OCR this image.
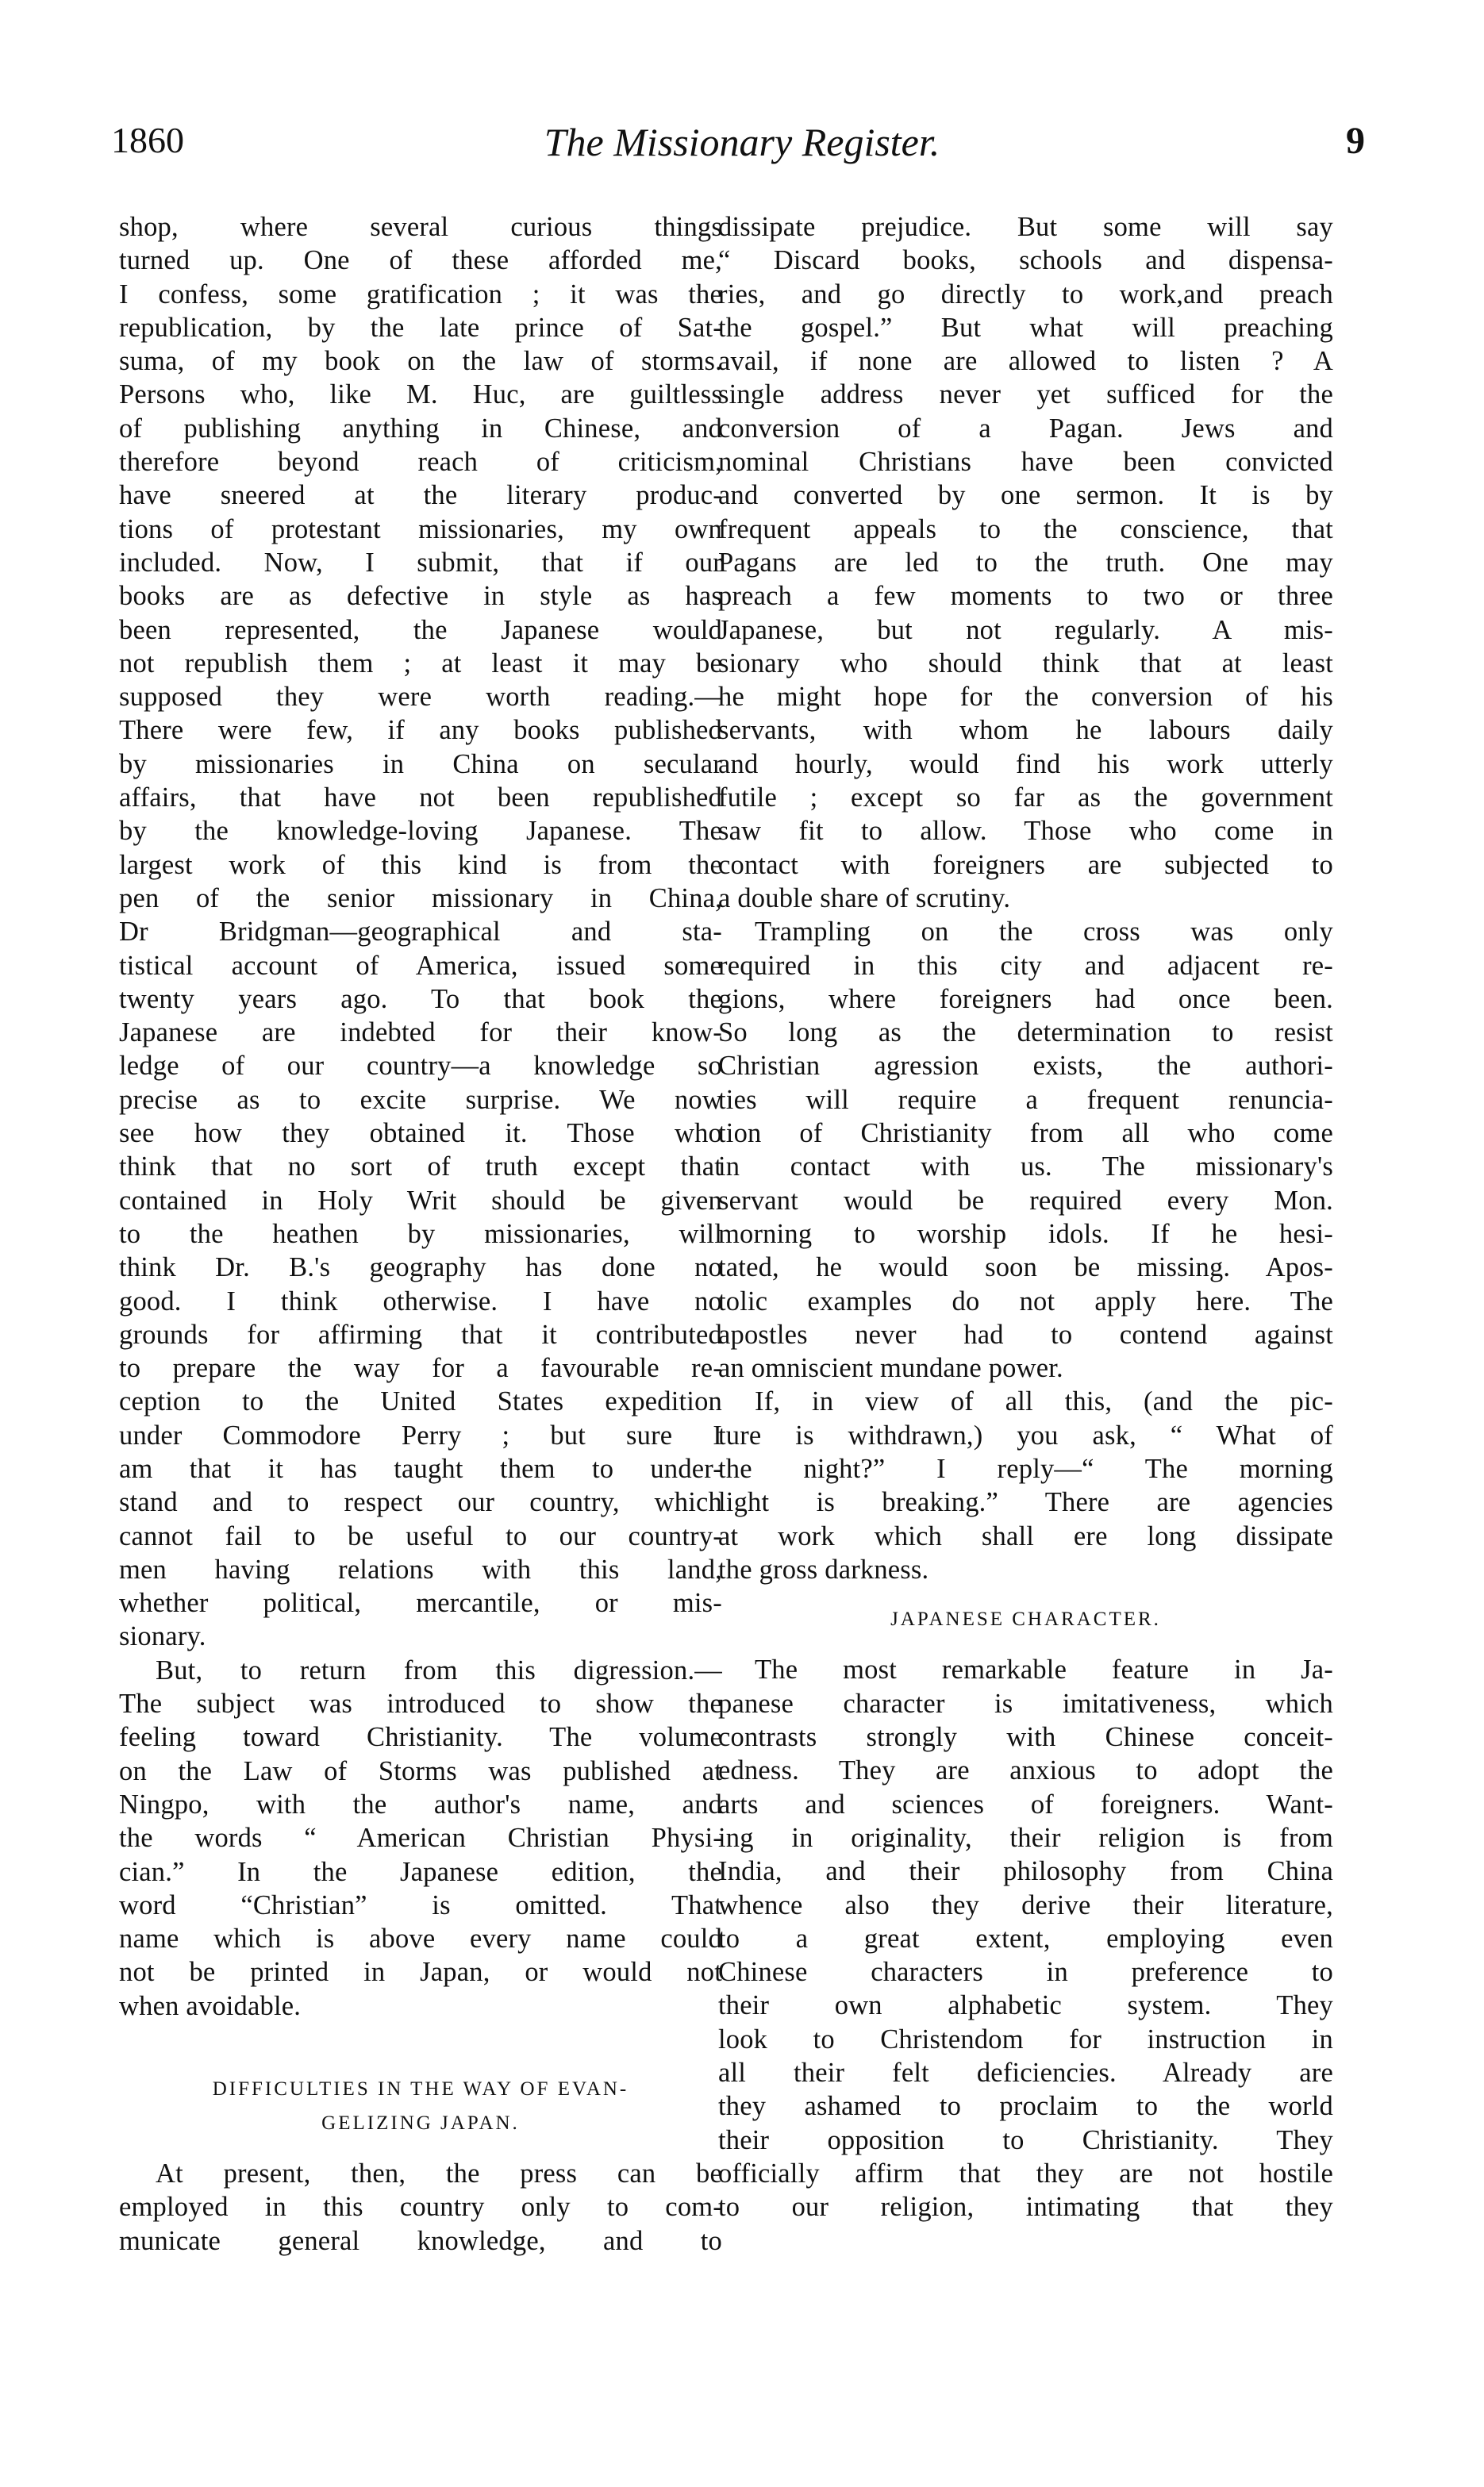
1860	The Missionary Register.	9
shop, where several curious things
turned up. One of these afforded me,
I confess, some gratification ; it was the
republication, by the late prince of Sat-
suma, of my book on the law of storms.
Persons who, like M. Huc, are guiltless
of publishing anything in Chinese, and
therefore beyond reach of criticism,
have sneered at the literary produc-
tions of protestant missionaries, my own
included. Now, I submit, that if our
books are as defective in style as has
been represented, the Japanese would
not republish them ; at least it may be
supposed they were worth reading.—
There were few, if any books published
by missionaries in China on secular
affairs, that have not been republished
by the knowledge-loving Japanese. The
largest work of this kind is from the
pen of the senior missionary in China,
Dr Bridgman—geographical and sta-
tistical account of America, issued some
twenty years ago. To that book the
Japanese are indebted for their know-
ledge of our country—a knowledge so
precise as to excite surprise. We now
see how they obtained it. Those who
think that no sort of truth except that
contained in Holy Writ should be given
to the heathen by missionaries, will
think Dr. B.'s geography has done no
good. I think otherwise. I have no
grounds for affirming that it contributed
to prepare the way for a favourable re-
ception to the United States expedition
under Commodore Perry ; but sure I
am that it has taught them to under-
stand and to respect our country, which
cannot fail to be useful to our country-
men having relations with this land,
whether political, mercantile, or mis-
sionary.
But, to return from this digression.—
The subject was introduced to show the
feeling toward Christianity. The volume
on the Law of Storms was published at
Ningpo, with the author's name, and
the words “ American Christian Physi-
cian.” In the Japanese edition, the
word “Christian” is omitted. That
name which is above every name could
not be printed in Japan, or would not
when avoidable.
DIFFICULTIES IN THE WAY OF EVAN-
GELIZING JAPAN.
At present, then, the press can be
employed in this country only to com-
municate general knowledge, and to
dissipate prejudice. But some will say
“ Discard books, schools and dispensa-
ries, and go directly to work,and preach
the gospel.” But what will preaching
avail, if none are allowed to listen ? A
single address never yet sufficed for the
conversion of a Pagan. Jews and
nominal Christians have been convicted
and converted by one sermon. It is by
frequent appeals to the conscience, that
Pagans are led to the truth. One may
preach a few moments to two or three
Japanese, but not regularly. A mis-
sionary who should think that at least
he might hope for the conversion of his
servants, with whom he labours daily
and hourly, would find his work utterly
futile ; except so far as the government
saw fit to allow. Those who come in
contact with foreigners are subjected to
a double share of scrutiny.
Trampling on the cross was only
required in this city and adjacent re-
gions, where foreigners had once been.
So long as the determination to resist
Christian agression exists, the authori-
ties will require a frequent renuncia-
tion of Christianity from all who come
in contact with us. The missionary's
servant would be required every Mon.
morning to worship idols. If he hesi-
tated, he would soon be missing. Apos-
tolic examples do not apply here. The
apostles never had to contend against
an omniscient mundane power.
If, in view of all this, (and the pic-
ture is withdrawn,) you ask, “ What of
the night?” I reply—“ The morning
light is breaking.” There are agencies
at work which shall ere long dissipate
the gross darkness.
JAPANESE CHARACTER.
The most remarkable feature in Ja-
panese character is imitativeness, which
contrasts strongly with Chinese conceit-
edness. They are anxious to adopt the
arts and sciences of foreigners. Want-
ing in originality, their religion is from
India, and their philosophy from China
whence also they derive their literature,
to a great extent, employing even
Chinese characters in preference to
their own alphabetic system. They
look to Christendom for instruction in
all their felt deficiencies. Already are
they ashamed to proclaim to the world
their opposition to Christianity. They
officially affirm that they are not hostile
to our religion, intimating that they
